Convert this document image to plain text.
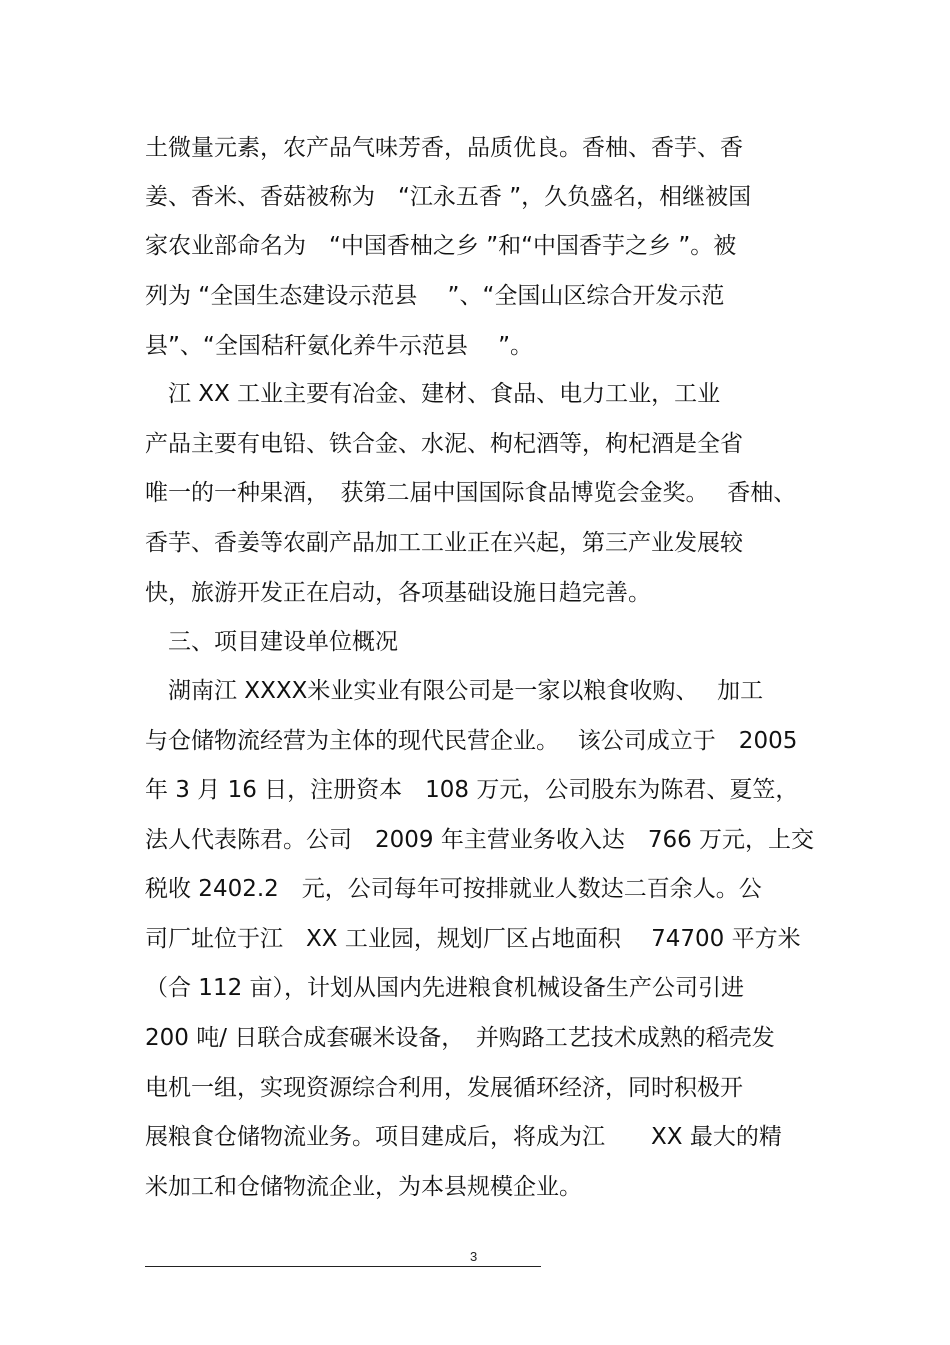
土微量元素，农产品气味芳香，品质优良。香柚、香芋、香

姜、香米、香菇被称为　“江永五香 ”，久负盛名，相继被国

家农业部命名为　“中国香柚之乡 ”和“中国香芋之乡 ”。被

列为 “全国生态建设示范县　 ”、“全国山区综合开发示范

县”、“全国秸秆氨化养牛示范县　 ”。

　江 XX 工业主要有冶金、建材、食品、电力工业，工业

产品主要有电铅、铁合金、水泥、枸杞酒等，枸杞酒是全省

唯一的一种果酒，　获第二届中国国际食品博览会金奖。　 香柚、

香芋、香姜等农副产品加工工业正在兴起，第三产业发展较

快，旅游开发正在启动，各项基础设施日趋完善。

　三、项目建设单位概况

　湖南江 XXXX米业实业有限公司是一家以粮食收购、　 加工

与仓储物流经营为主体的现代民营企业。　 该公司成立于　2005

年 3 月 16 日，注册资本　108 万元，公司股东为陈君、夏笠，

法人代表陈君。公司　2009 年主营业务收入达　766 万元，上交

税收 2402.2　元，公司每年可按排就业人数达二百余人。公

司厂址位于江　XX 工业园，规划厂区占地面积　 74700 平方米

（合 112 亩），计划从国内先进粮食机械设备生产公司引进

200 吨/ 日联合成套碾米设备，　并购路工艺技术成熟的稻壳发

电机一组，实现资源综合利用，发展循环经济，同时积极开

展粮食仓储物流业务。项目建成后，将成为江　　XX 最大的精

米加工和仓储物流企业，为本县规模企业。

3
